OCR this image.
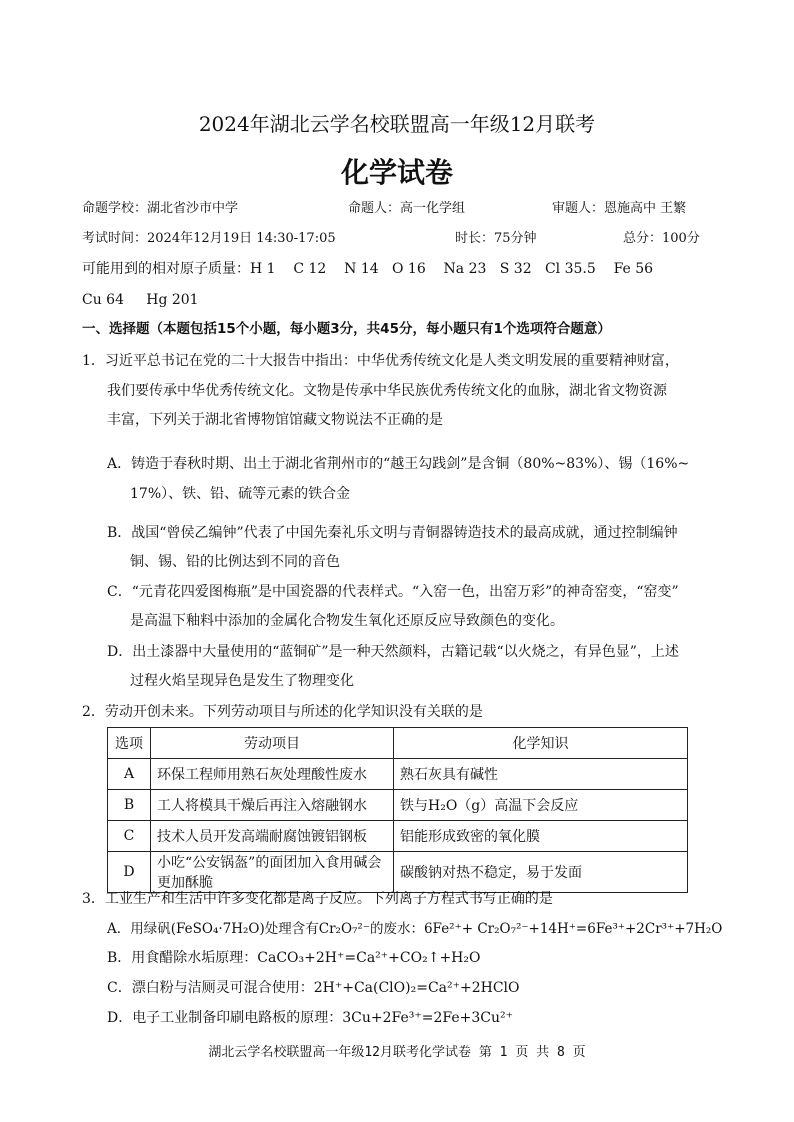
2024年湖北云学名校联盟高一年级12月联考
化学试卷
命题学校：湖北省沙市中学	命题人：高一化学组	审题人：恩施高中 王繁
考试时间：2024年12月19日 14:30-17:05	时长：75分钟	总分：100分
可能用到的相对原子质量：H 1    C 12    N 14   O 16    Na 23   S 32   Cl 35.5    Fe 56
Cu 64     Hg 201
一、选择题（本题包括15个小题，每小题3分，共45分，每小题只有1个选项符合题意）
1．习近平总书记在党的二十大报告中指出：中华优秀传统文化是人类文明发展的重要精神财富，
我们要传承中华优秀传统文化。文物是传承中华民族优秀传统文化的血脉，湖北省文物资源
丰富，下列关于湖北省博物馆馆藏文物说法不正确的是
A．铸造于春秋时期、出土于湖北省荆州市的“越王勾践剑”是含铜（80%~83%）、锡（16%~
17%）、铁、铅、硫等元素的铁合金
B．战国“曾侯乙编钟”代表了中国先秦礼乐文明与青铜器铸造技术的最高成就，通过控制编钟
铜、锡、铅的比例达到不同的音色
C．“元青花四爱图梅瓶”是中国瓷器的代表样式。“入窑一色，出窑万彩”的神奇窑变，“窑变”
是高温下釉料中添加的金属化合物发生氧化还原反应导致颜色的变化。
D．出土漆器中大量使用的“蓝铜矿”是一种天然颜料，古籍记载“以火烧之，有异色显”，上述
过程火焰呈现异色是发生了物理变化
2．劳动开创未来。下列劳动项目与所述的化学知识没有关联的是
选项	劳动项目	化学知识
A	环保工程师用熟石灰处理酸性废水	熟石灰具有碱性
B	工人将模具干燥后再注入熔融钢水	铁与H₂O（g）高温下会反应
C	技术人员开发高端耐腐蚀镀铝钢板	铝能形成致密的氧化膜
D	小吃“公安锅盔”的面团加入食用碱会更加酥脆	碳酸钠对热不稳定，易于发面
3．工业生产和生活中许多变化都是离子反应。下列离子方程式书写正确的是
A．用绿矾(FeSO₄·7H₂O)处理含有Cr₂O₇²⁻的废水：6Fe²⁺+ Cr₂O₇²⁻+14H⁺=6Fe³⁺+2Cr³⁺+7H₂O
B．用食醋除水垢原理：CaCO₃+2H⁺=Ca²⁺+CO₂↑+H₂O
C．漂白粉与洁厕灵可混合使用：2H⁺+Ca(ClO)₂=Ca²⁺+2HClO
D．电子工业制备印刷电路板的原理：3Cu+2Fe³⁺=2Fe+3Cu²⁺
湖北云学名校联盟高一年级12月联考化学试卷 第 1 页 共 8 页
